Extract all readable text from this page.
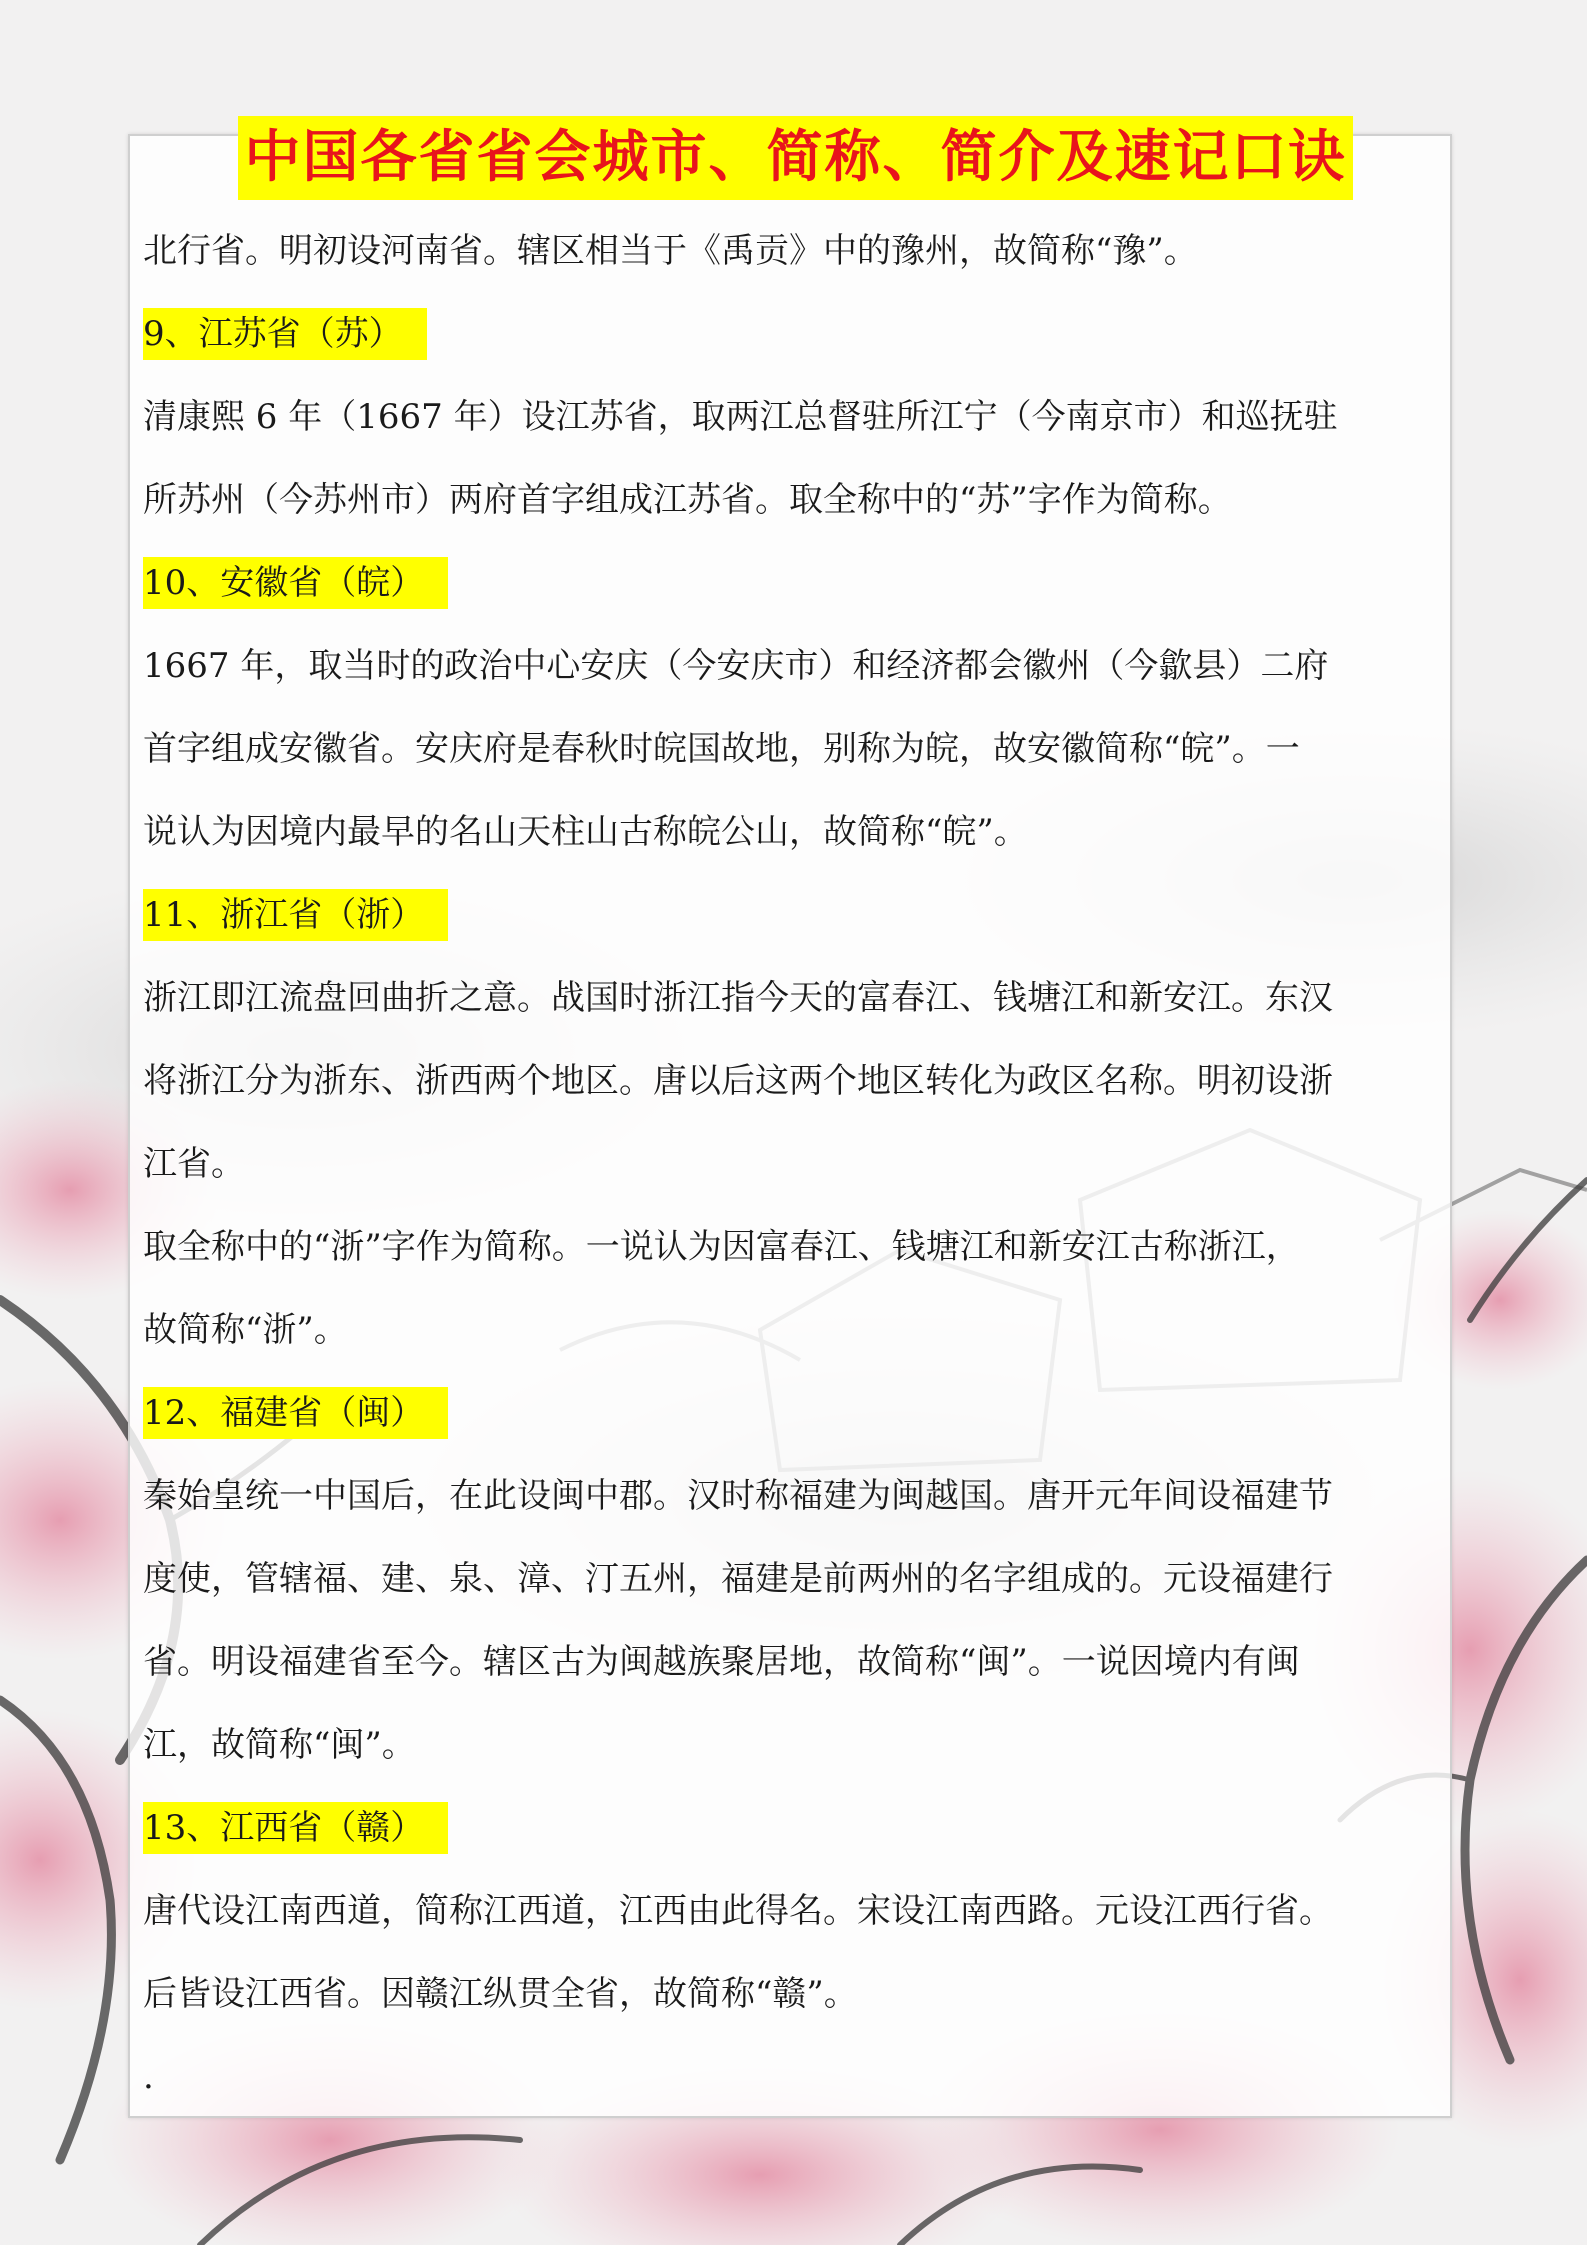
中国各省省会城市、简称、简介及速记口诀

北行省。明初设河南省。辖区相当于《禹贡》中的豫州，故简称“豫”。

9、江苏省（苏）

清康熙 6 年（1667 年）设江苏省，取两江总督驻所江宁（今南京市）和巡抚驻

所苏州（今苏州市）两府首字组成江苏省。取全称中的“苏”字作为简称。

10、安徽省（皖）

1667 年，取当时的政治中心安庆（今安庆市）和经济都会徽州（今歙县）二府

首字组成安徽省。安庆府是春秋时皖国故地，别称为皖，故安徽简称“皖”。一

说认为因境内最早的名山天柱山古称皖公山，故简称“皖”。

11、浙江省（浙）

浙江即江流盘回曲折之意。战国时浙江指今天的富春江、钱塘江和新安江。东汉

将浙江分为浙东、浙西两个地区。唐以后这两个地区转化为政区名称。明初设浙

江省。

取全称中的“浙”字作为简称。一说认为因富春江、钱塘江和新安江古称浙江，

故简称“浙”。

12、福建省（闽）

秦始皇统一中国后，在此设闽中郡。汉时称福建为闽越国。唐开元年间设福建节

度使，管辖福、建、泉、漳、汀五州，福建是前两州的名字组成的。元设福建行

省。明设福建省至今。辖区古为闽越族聚居地，故简称“闽”。一说因境内有闽

江，故简称“闽”。

13、江西省（赣）

唐代设江南西道，简称江西道，江西由此得名。宋设江南西路。元设江西行省。

后皆设江西省。因赣江纵贯全省，故简称“赣”。

.
